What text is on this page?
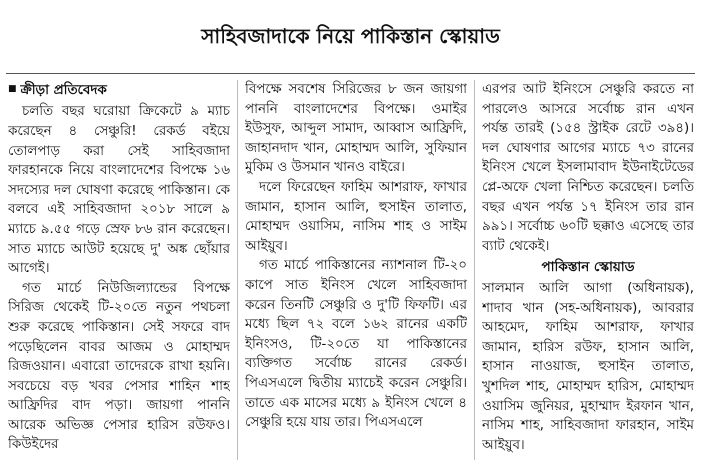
সাহিবজাদাকে নিয়ে পাকিস্তান স্কোয়াড
■ ক্রীড়া প্রতিবেদক

চলতি বছর ঘরোয়া ক্রিকেটে ৯ ম্যাচ করেছেন ৪ সেঞ্চুরি! রেকর্ড বইয়ে তোলপাড় করা সেই সাহিবজাদা ফারহানকে নিয়ে বাংলাদেশের বিপক্ষে ১৬ সদস্যের দল ঘোষণা করেছে পাকিস্তান। কে বলবে এই সাহিবজাদা ২০১৮ সালে ৯ ম্যাচে ৯.৫৫ গড়ে স্রেফ ৮৬ রান করেছেন। সাত ম্যাচে আউট হয়েছে দু' অঙ্ক ছোঁয়ার আগেই।

গত মার্চে নিউজিল্যান্ডের বিপক্ষে সিরিজ থেকেই টি-২০তে নতুন পথচলা শুরু করেছে পাকিস্তান। সেই সফরে বাদ পড়েছিলেন বাবর আজম ও মোহাম্মদ রিজওয়ান। এবারো তাদেরকে রাখা হয়নি। সবচেয়ে বড় খবর পেসার শাহিন শাহ আফ্রিদির বাদ পড়া। জায়গা পাননি আরেক অভিজ্ঞ পেসার হারিস রউফও। কিউইদের

বিপক্ষে সবশেষ সিরিজের ৮ জন জায়গা পাননি বাংলাদেশের বিপক্ষে। ওমাইর ইউসুফ, আব্দুল সামাদ, আব্বাস আফ্রিদি, জাহানদাদ খান, মোহাম্মদ আলি, সুফিয়ান মুকিম ও উসমান খানও বাইরে।

দলে ফিরেছেন ফাহিম আশরাফ, ফাখার জামান, হাসান আলি, হুসাইন তালাত, মোহাম্মদ ওয়াসিম, নাসিম শাহ ও সাইম আইয়ুব।

গত মার্চে পাকিস্তানের ন্যাশনাল টি-২০ কাপে সাত ইনিংস খেলে সাহিবজাদা করেন তিনটি সেঞ্চুরি ও দু'টি ফিফটি। এর মধ্যে ছিল ৭২ বলে ১৬২ রানের একটি ইনিংসও, টি-২০তে যা পাকিস্তানের ব্যক্তিগত সর্বোচ্চ রানের রেকর্ড। পিএসএলে দ্বিতীয় ম্যাচেই করেন সেঞ্চুরি। তাতে এক মাসের মধ্যে ৯ ইনিংস খেলে ৪ সেঞ্চুরি হয়ে যায় তার। পিএসএলে

এরপর আট ইনিংসে সেঞ্চুরি করতে না পারলেও আসরে সর্বোচ্চ রান এখন পর্যন্ত তারই (১৫৪ স্ট্রাইক রেটে ৩৯৪)। দল ঘোষণার আগের ম্যাচে ৭৩ রানের ইনিংস খেলে ইসলামাবাদ ইউনাইটেডের প্লে-অফে খেলা নিশ্চিত করেছেন। চলতি বছর এখন পর্যন্ত ১৭ ইনিংস তার রান ৯৯১। সর্বোচ্চ ৬০টি ছক্কাও এসেছে তার ব্যাট থেকেই।

পাকিস্তান স্কোয়াড

সালমান আলি আগা (অধিনায়ক), শাদাব খান (সহ-অধিনায়ক), আবরার আহমেদ, ফাহিম আশরাফ, ফাখার জামান, হারিস রউফ, হাসান আলি, হাসান নাওয়াজ, হুসাইন তালাত, খুশদিল শাহ, মোহাম্মদ হারিস, মোহাম্মদ ওয়াসিম জুনিয়র, মুহাম্মাদ ইরফান খান, নাসিম শাহ, সাহিবজাদা ফারহান, সাইম আইয়ুব।
